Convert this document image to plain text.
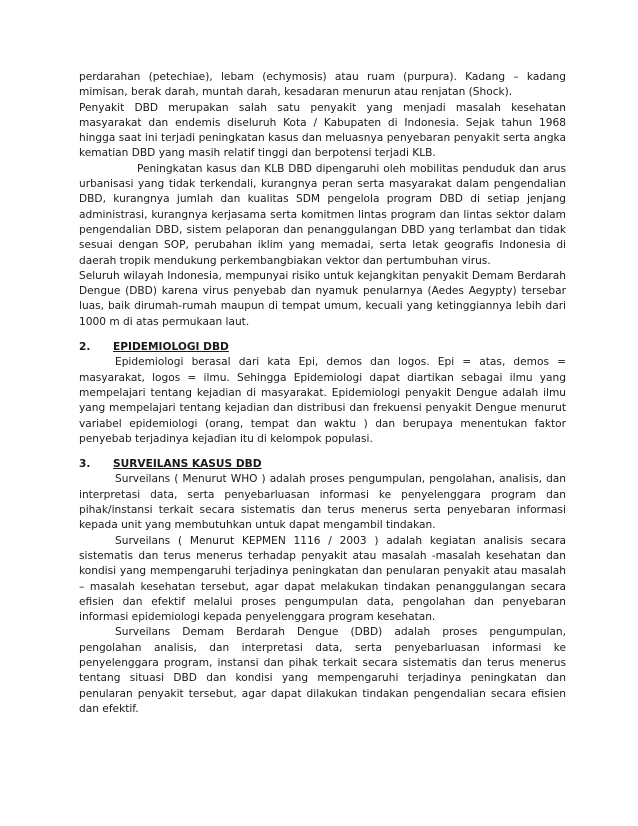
perdarahan (petechiae), lebam (echymosis) atau ruam (purpura). Kadang – kadang mimisan, berak darah, muntah darah, kesadaran menurun atau renjatan (Shock).

Penyakit DBD merupakan salah satu penyakit yang menjadi masalah kesehatan masyarakat dan endemis diseluruh Kota / Kabupaten di Indonesia. Sejak tahun 1968 hingga saat ini terjadi peningkatan kasus dan meluasnya penyebaran penyakit serta angka kematian DBD yang masih relatif tinggi dan berpotensi terjadi KLB.

Peningkatan kasus dan KLB DBD dipengaruhi oleh mobilitas penduduk dan arus urbanisasi yang tidak terkendali, kurangnya peran serta masyarakat dalam pengendalian DBD, kurangnya jumlah dan kualitas SDM pengelola program DBD di setiap jenjang administrasi, kurangnya kerjasama serta komitmen lintas program dan lintas sektor dalam pengendalian DBD, sistem pelaporan dan penanggulangan DBD yang terlambat dan tidak sesuai dengan SOP, perubahan iklim yang memadai, serta letak geografis Indonesia di daerah tropik mendukung perkembangbiakan vektor dan pertumbuhan virus.

Seluruh wilayah Indonesia, mempunyai risiko untuk kejangkitan penyakit Demam Berdarah Dengue (DBD) karena virus penyebab dan nyamuk penularnya (Aedes Aegypty) tersebar luas, baik dirumah-rumah maupun di tempat umum, kecuali yang ketinggiannya lebih dari 1000 m di atas permukaan laut.

2.	EPIDEMIOLOGI DBD

Epidemiologi berasal dari kata Epi, demos dan logos. Epi = atas, demos = masyarakat, logos = ilmu. Sehingga Epidemiologi dapat diartikan sebagai ilmu yang mempelajari tentang kejadian di masyarakat. Epidemiologi penyakit Dengue adalah ilmu yang mempelajari tentang kejadian dan distribusi dan frekuensi penyakit Dengue menurut variabel epidemiologi (orang, tempat dan waktu ) dan berupaya menentukan faktor penyebab terjadinya kejadian itu di kelompok populasi.

3.	SURVEILANS KASUS DBD

Surveilans ( Menurut WHO ) adalah proses pengumpulan, pengolahan, analisis, dan interpretasi data, serta penyebarluasan informasi ke penyelenggara program dan pihak/instansi terkait secara sistematis dan terus menerus serta penyebaran informasi kepada unit yang membutuhkan untuk dapat mengambil tindakan.

Surveilans ( Menurut KEPMEN 1116 / 2003 ) adalah kegiatan analisis secara sistematis dan terus menerus terhadap penyakit atau masalah -masalah kesehatan dan kondisi yang mempengaruhi terjadinya peningkatan dan penularan penyakit atau masalah – masalah kesehatan tersebut, agar dapat melakukan tindakan penanggulangan secara efisien dan efektif melalui proses pengumpulan data, pengolahan dan penyebaran informasi epidemiologi kepada penyelenggara program kesehatan.

Surveilans Demam Berdarah Dengue (DBD) adalah proses pengumpulan, pengolahan analisis, dan interpretasi data, serta penyebarluasan informasi ke penyelenggara program, instansi dan pihak terkait secara sistematis dan terus menerus tentang situasi DBD dan kondisi yang mempengaruhi terjadinya peningkatan dan penularan penyakit tersebut, agar dapat dilakukan tindakan pengendalian secara efisien dan efektif.
